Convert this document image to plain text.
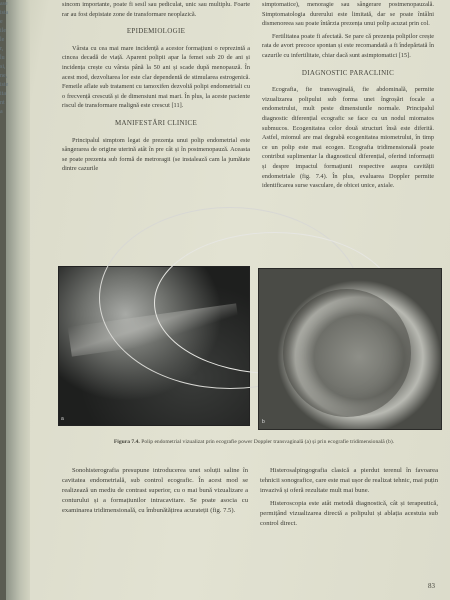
ase
ista
e
ile
le
r,
lu
si,
ne,
iste
ita
nt
a

sincom importante, poate fi sesil sau pediculat, unic sau multiplu. Foarte rar au fost depistate zone de transformare neoplazică.

EPIDEMIOLOGIE

Vârsta cu cea mai mare incidență a acestor formațiuni o reprezintă a cincea decadă de viață. Aparent polipii apar la femei sub 20 de ani și incidența crește cu vârsta până la 50 ani și scade după menopauză. În acest mod, dezvoltarea lor este clar dependentă de stimularea estrogenică. Femeile aflate sub tratament cu tamoxifen dezvoltă polipi endometriali cu o frecvență crescută și de dimensiuni mai mari. În plus, la aceste paciente riscul de transformare malignă este crescut [11].

MANIFESTĂRI CLINICE

Principalul simptom legat de prezența unui polip endometrial este sângerarea de origine uterină atât în pre cât și în postmenopauză. Aceasta se poate prezenta sub formă de metroragii (se instalează cam la jumătate dintre cazurile

simptomatice), menoragie sau sângerare postmenopauzală. Simptomatologia durerului este limitată, dar se poate întâlni dismenoreea sau poate întârzia prezența unui polip acuzat prin col.

Fertilitatea poate fi afectată. Se pare că prezența polipilor crește rata de avort precoce spontan și este recomandată a fi îndepărtată în cazurile cu infertilitate, chiar dacă sunt asimptomatici [15].

DIAGNOSTIC PARACLINIC

Ecografia, fie transvaginală, fie abdominală, permite vizualizarea polipului sub forma unei îngroșări focale a endometrului, mult peste dimensiunile normale. Principalul diagnostic diferențial ecografic se face cu un nodul miomatos submucos. Ecogenitatea celor două structuri însă este diferită. Astfel, miomul are mai degrabă ecogenitatea miometrului, în timp ce un polip este mai ecogen. Ecografia tridimensională poate contribui suplimentar la diagnosticul diferențial, oferind informații și despre impactul formațiunii respective asupra cavității endometriale (fig. 7.4). În plus, evaluarea Doppler permite identificarea surse vasculare, de obicei unice, axiale.

a	b
Figura 7.4. Polip endometrial vizualizat prin ecografie power Doppler transvaginală (a) și prin ecografie tridimensională (b).

Sonohisterografia presupune introducerea unei soluții saline în cavitatea endometrială, sub control ecografic. În acest mod se realizează un mediu de contrast superior, cu o mai bună vizualizare a conturului și a formațiunilor intracavitare. Se poate asocia cu examinarea tridimensională, cu îmbunătățirea acurateții (fig. 7.5).

Histerosalpingografia clasică a pierdut terenul în favoarea tehnicii sonografice, care este mai ușor de realizat tehnic, mai puțin invazivă și oferă rezultate mult mai bune.

Histeroscopia este atât metodă diagnostică, cât și terapeutică, permițând vizualizarea directă a polipului și ablația acestuia sub control direct.

83
